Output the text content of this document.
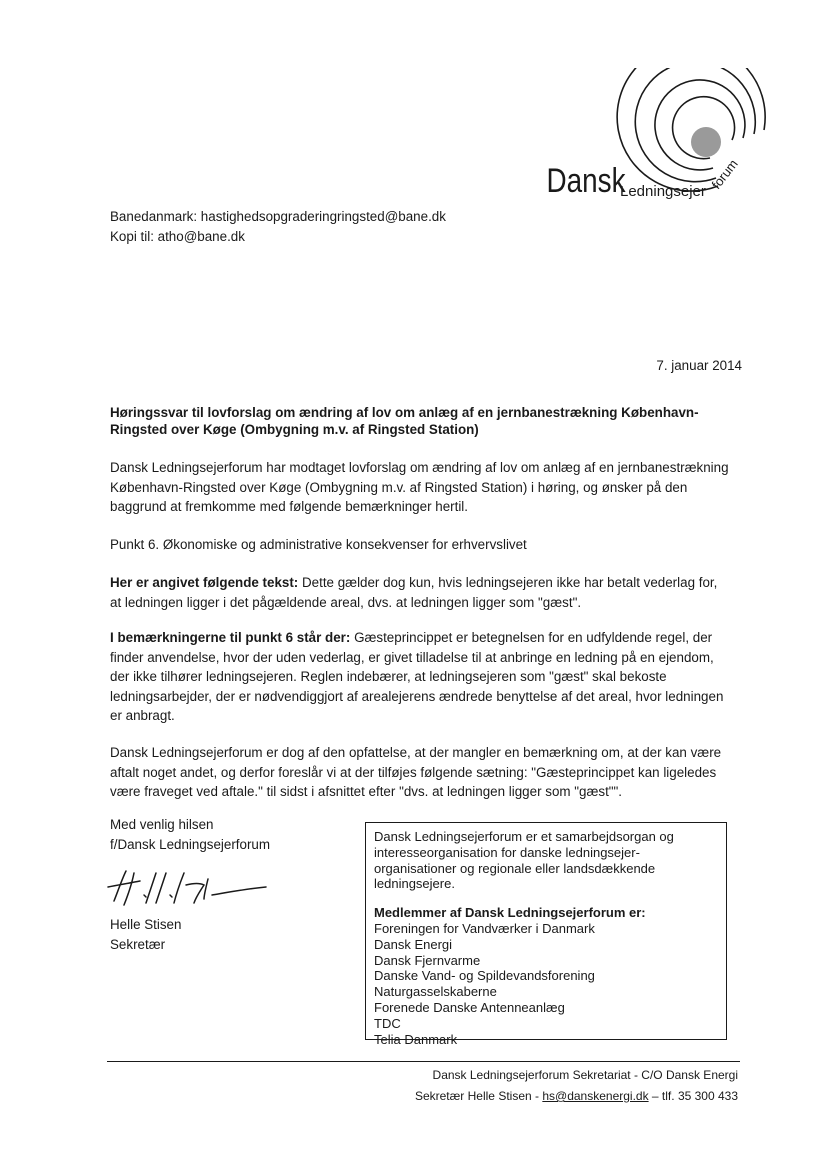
Dansk
Ledningsejer forum
Banedanmark: hastighedsopgraderingringsted@bane.dk
Kopi til: atho@bane.dk
7. januar 2014
Høringssvar til lovforslag om ændring af lov om anlæg af en jernbanestrækning København-Ringsted over Køge (Ombygning m.v. af Ringsted Station)
Dansk Ledningsejerforum har modtaget lovforslag om ændring af lov om anlæg af en jernbanestrækning København-Ringsted over Køge (Ombygning m.v. af Ringsted Station) i høring, og ønsker på den baggrund at fremkomme med følgende bemærkninger hertil.
Punkt 6. Økonomiske og administrative konsekvenser for erhvervslivet
Her er angivet følgende tekst: Dette gælder dog kun, hvis ledningsejeren ikke har betalt vederlag for, at ledningen ligger i det pågældende areal, dvs. at ledningen ligger som "gæst".
I bemærkningerne til punkt 6 står der: Gæsteprincippet er betegnelsen for en udfyldende regel, der finder anvendelse, hvor der uden vederlag, er givet tilladelse til at anbringe en ledning på en ejendom, der ikke tilhører ledningsejeren. Reglen indebærer, at ledningsejeren som "gæst" skal bekoste ledningsarbejder, der er nødvendiggjort af arealejerens ændrede benyttelse af det areal, hvor ledningen er anbragt.
Dansk Ledningsejerforum er dog af den opfattelse, at der mangler en bemærkning om, at der kan være aftalt noget andet, og derfor foreslår vi at der tilføjes følgende sætning: "Gæsteprincippet kan ligeledes være fraveget ved aftale." til sidst i afsnittet efter "dvs. at ledningen ligger som "gæst"".
Med venlig hilsen
f/Dansk Ledningsejerforum
Helle Stisen
Sekretær
Dansk Ledningsejerforum er et samarbejdsorgan og interesseorganisation for danske ledningsejer-organisationer og regionale eller landsdækkende ledningsejere.
Medlemmer af Dansk Ledningsejerforum er:
Foreningen for Vandværker i Danmark
Dansk Energi
Dansk Fjernvarme
Danske Vand- og Spildevandsforening
Naturgasselskaberne
Forenede Danske Antenneanlæg
TDC
Telia Danmark
Dansk Ledningsejerforum Sekretariat - C/O Dansk Energi
Sekretær Helle Stisen - hs@danskenergi.dk – tlf. 35 300 433
